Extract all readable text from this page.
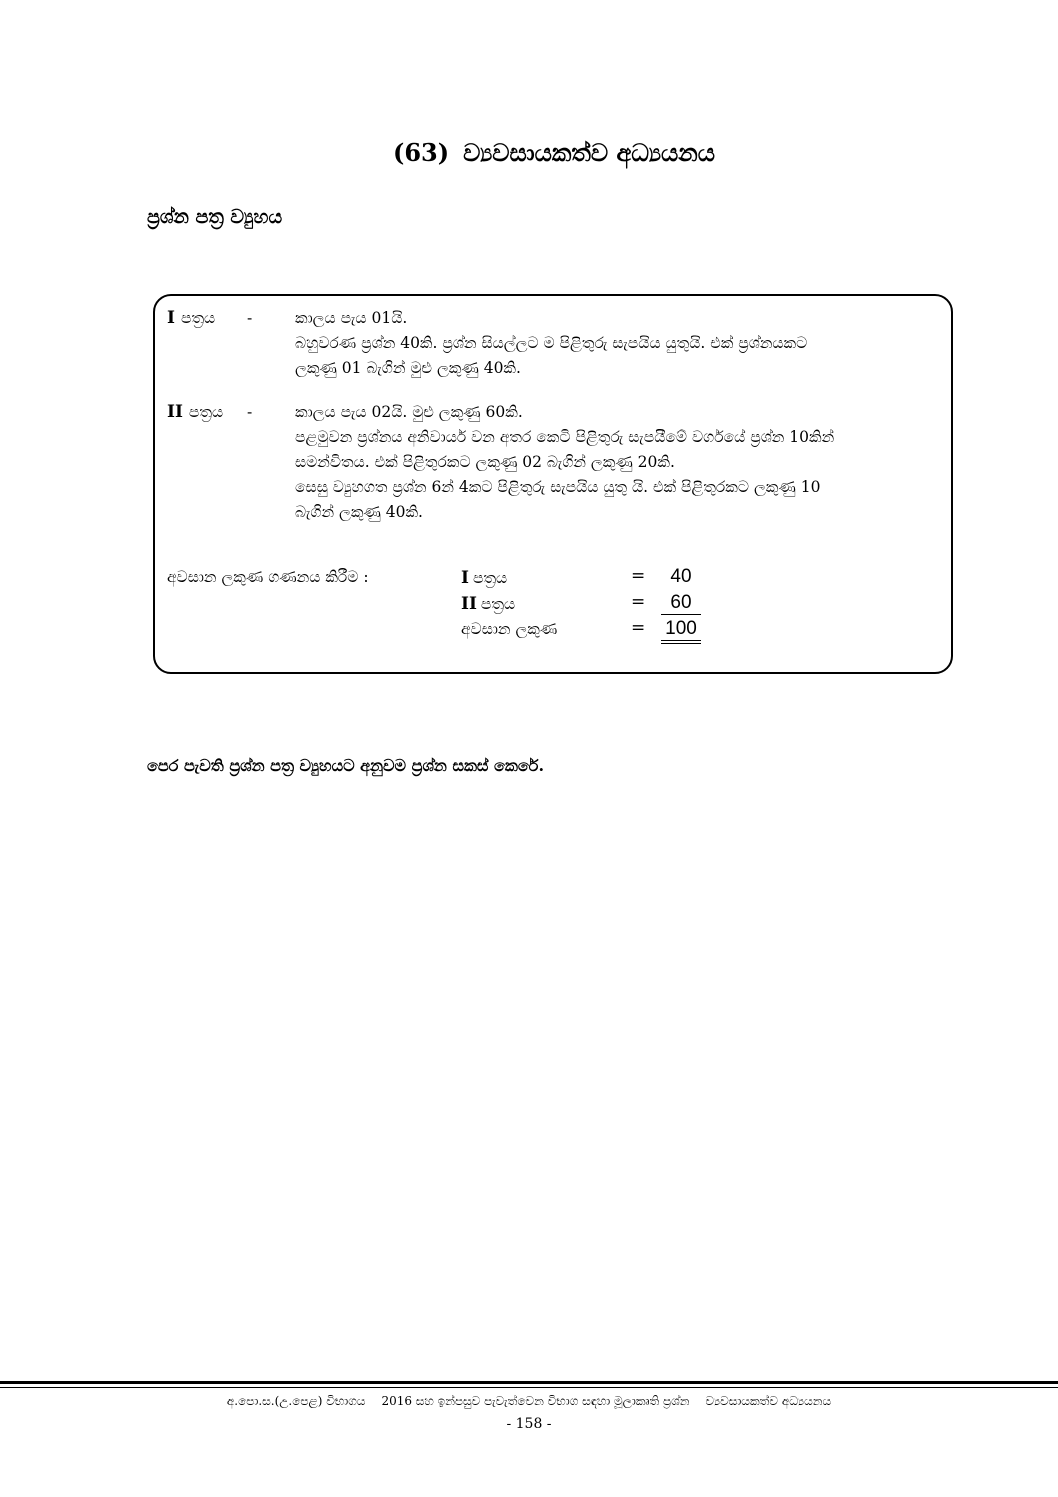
(63) ව්‍යවසායකත්ව අධ්‍යයනය
ප්‍රශ්න පත්‍ර ව්‍යුහය
I පත්‍රය	-	කාලය පැය 01යි.
බහුවරණ ප්‍රශ්න 40කි. ප්‍රශ්න සියල්ලට ම පිළිතුරු සැපයිය යුතුයි. එක් ප්‍රශ්නයකට
ලකුණු 01 බැගින් මුළු ලකුණු 40කි.
II පත්‍රය	-	කාලය පැය 02යි. මුළු ලකුණු 60කි.
පළමුවන ප්‍රශ්නය අනිවාර්ය වන අතර කෙටි පිළිතුරු සැපයීමේ වර්ගයේ ප්‍රශ්න 10කින්
සමන්විතය. එක් පිළිතුරකට ලකුණු 02 බැගින් ලකුණු 20කි.
සෙසු ව්‍යුහගත ප්‍රශ්න 6න් 4කට පිළිතුරු සැපයිය යුතු යි. එක් පිළිතුරකට ලකුණු 10
බැගින් ලකුණු 40කි.
අවසාන ලකුණ ගණනය කිරීම :	I පත්‍රය	=	40
II පත්‍රය	=	60
අවසාන ලකුණ	= 100
පෙර පැවති ප්‍රශ්න පත්‍ර ව්‍යුහයට අනුවම ප්‍රශ්න සකස් කෙරේ.
අ.පො.ස.(උ.පෙළ) විභාගය 2016 සහ ඉන්පසුව පැවැත්වෙන විභාග සඳහා මූලාකෘති ප්‍රශ්න ව්‍යවසායකත්ව අධ්‍යයනය
- 158 -
